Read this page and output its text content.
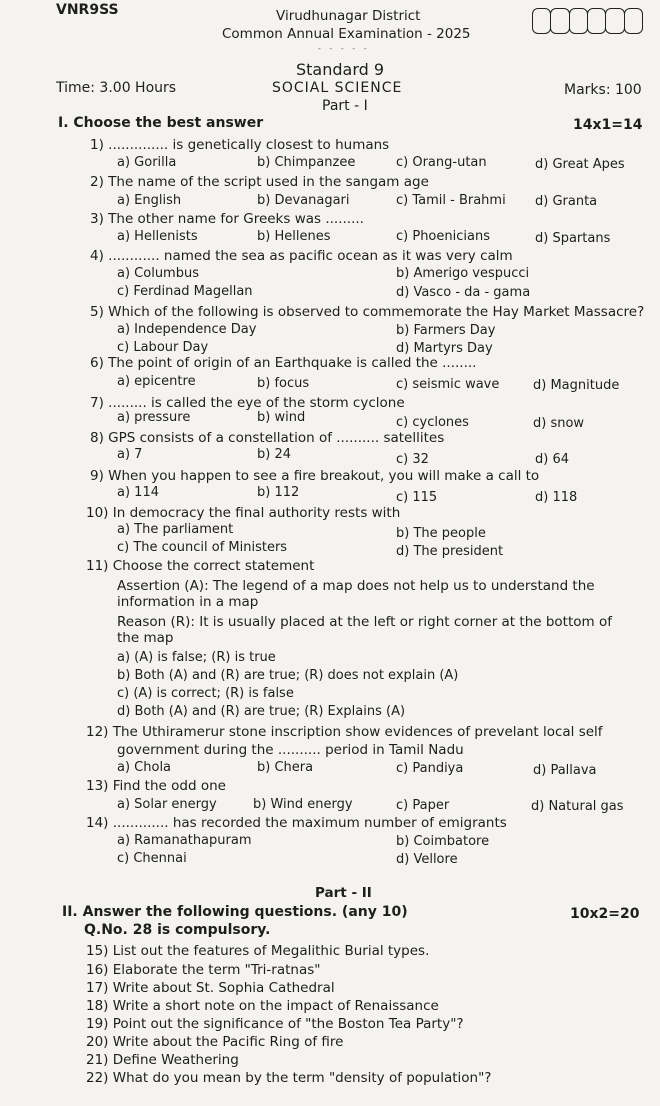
VNR9SS	Virudhunagar District
Common Annual Examination - 2025
- - - - -
Standard 9
Time: 3.00 Hours	SOCIAL SCIENCE	Marks: 100
Part - I
I. Choose the best answer	14x1=14
1) .............. is genetically closest to humans
a) Gorilla	b) Chimpanzee	c) Orang-utan	d) Great Apes
2) The name of the script used in the sangam age
a) English	b) Devanagari	c) Tamil - Brahmi d) Granta
3) The other name for Greeks was .........
a) Hellenists	b) Hellenes	c) Phoenicians	d) Spartans
4) ............ named the sea as pacific ocean as it was very calm
a) Columbus	b) Amerigo vespucci
c) Ferdinad Magellan	d) Vasco - da - gama
5) Which of the following is observed to commemorate the Hay Market Massacre?
a) Independence Day	b) Farmers Day
c) Labour Day	d) Martyrs Day
6) The point of origin of an Earthquake is called the ........
a) epicentre	b) focus	c) seismic wave	d) Magnitude
7) ......... is called the eye of the storm cyclone
a) pressure	b) wind	c) cyclones	d) snow
8) GPS consists of a constellation of .......... satellites
a) 7	b) 24	c) 32	d) 64
9) When you happen to see a fire breakout, you will make a call to
a) 114	b) 112	c) 115	d) 118
10) In democracy the final authority rests with
a) The parliament	b) The people
c) The council of Ministers	d) The president
11) Choose the correct statement
Assertion (A): The legend of a map does not help us to understand the
information in a map
Reason (R): It is usually placed at the left or right corner at the bottom of
the map
a) (A) is false; (R) is true
b) Both (A) and (R) are true; (R) does not explain (A)
c) (A) is correct; (R) is false
d) Both (A) and (R) are true; (R) Explains (A)
12) The Uthiramerur stone inscription show evidences of prevelant local self
government during the .......... period in Tamil Nadu
a) Chola	b) Chera	c) Pandiya	d) Pallava
13) Find the odd one
a) Solar energy	b) Wind energy	c) Paper	d) Natural gas
14) ............. has recorded the maximum number of emigrants
a) Ramanathapuram	b) Coimbatore
c) Chennai	d) Vellore
Part - II
II. Answer the following questions. (any 10)	10x2=20
Q.No. 28 is compulsory.
15) List out the features of Megalithic Burial types.
16) Elaborate the term "Tri-ratnas"
17) Write about St. Sophia Cathedral
18) Write a short note on the impact of Renaissance
19) Point out the significance of "the Boston Tea Party"?
20) Write about the Pacific Ring of fire
21) Define Weathering
22) What do you mean by the term "density of population"?
